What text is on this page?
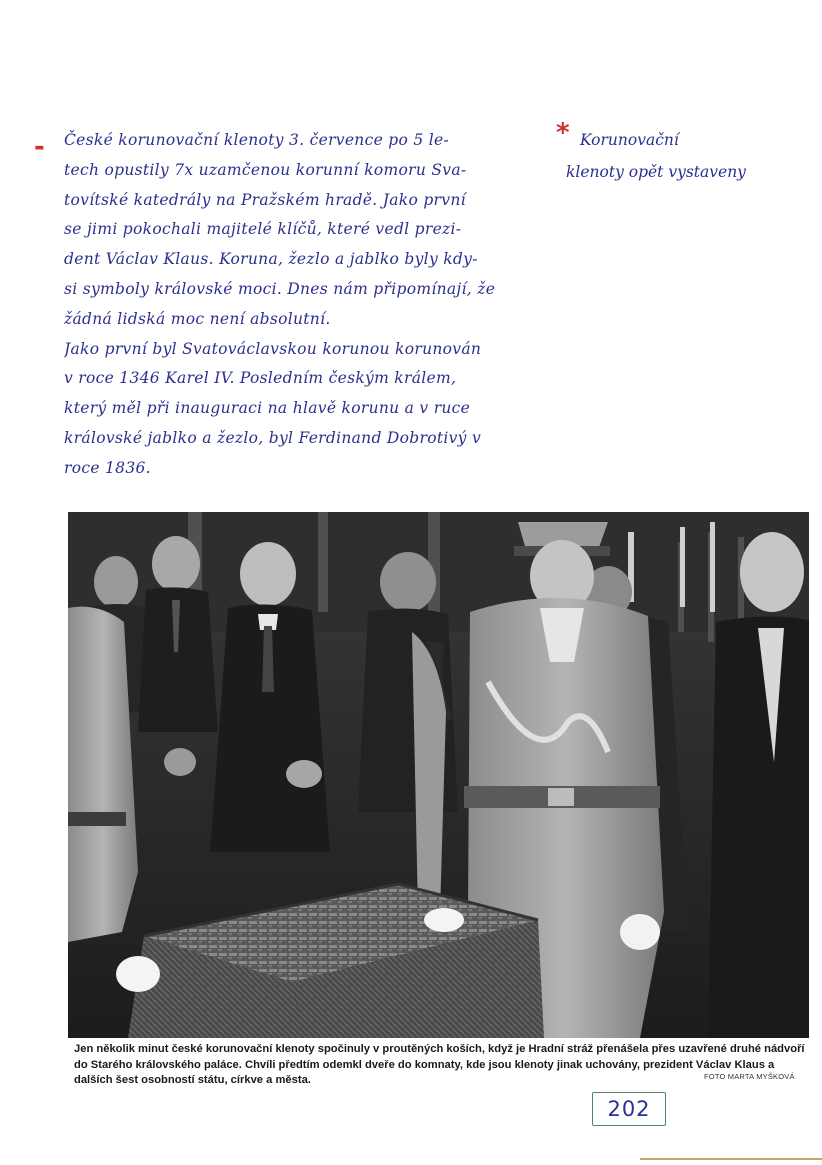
- České korunovační klenoty 3. července po 5 le-
tech opustily 7x uzamčenou korunní komoru Sva-
tovítské katedrály na Pražském hradě. Jako první
se jimi pokochali majitelé klíčů, které vedl prezi-
dent Václav Klaus. Koruna, žezlo a jablko byly kdy-
si symboly královské moci. Dnes nám připomínají, že
žádná lidská moc není absolutní.
Jako první byl Svatováclavskou korunou korunován
v roce 1346 Karel IV. Posledním českým králem,
který měl při inauguraci na hlavě korunu a v ruce
královské jablko a žezlo, byl Ferdinand Dobrotivý v
roce 1836.
* Korunovační
klenoty opět vystaveny
Jen několik minut české korunovační klenoty spočinuly v proutěných koších, když je Hradní stráž přenášela přes uzavřené druhé nádvoří do Starého královského paláce. Chvíli předtím odemkl dveře do komnaty, kde jsou klenoty jinak uchovány, prezident Václav Klaus a dalších šest osobností státu, církve a města.	FOTO MARTA MYŠKOVÁ
202
